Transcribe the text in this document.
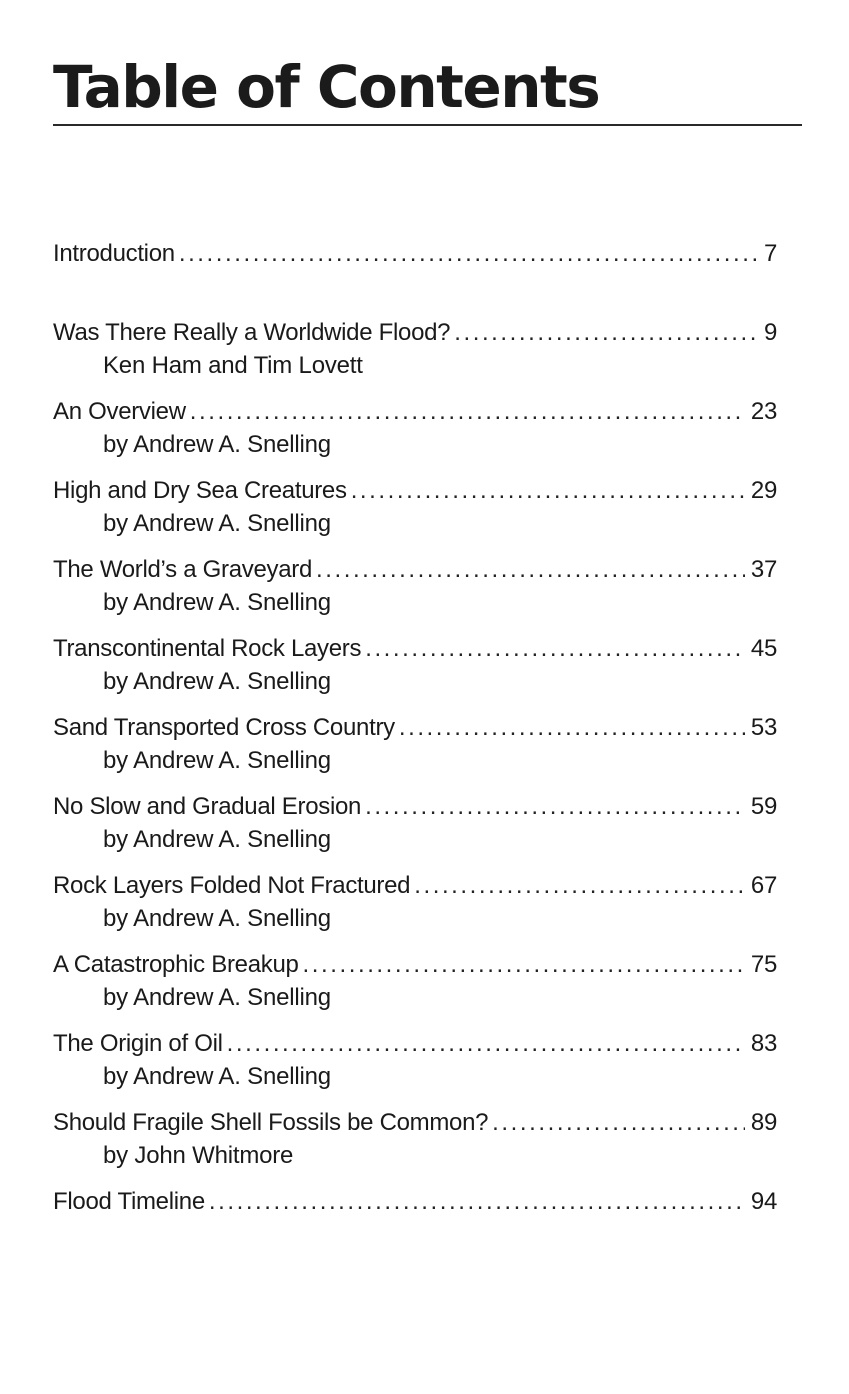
Table of Contents
Introduction . . .	7
Was There Really a Worldwide Flood? . . .	9
Ken Ham and Tim Lovett
An Overview . . .	23
by Andrew A. Snelling
High and Dry Sea Creatures . . .	29
by Andrew A. Snelling
The World’s a Graveyard . . .	37
by Andrew A. Snelling
Transcontinental Rock Layers . . .	45
by Andrew A. Snelling
Sand Transported Cross Country . . .	53
by Andrew A. Snelling
No Slow and Gradual Erosion . . .	59
by Andrew A. Snelling
Rock Layers Folded Not Fractured . . .	67
by Andrew A. Snelling
A Catastrophic Breakup . . .	75
by Andrew A. Snelling
The Origin of Oil . . .	83
by Andrew A. Snelling
Should Fragile Shell Fossils be Common? . . .	89
by John Whitmore
Flood Timeline . . .	94
